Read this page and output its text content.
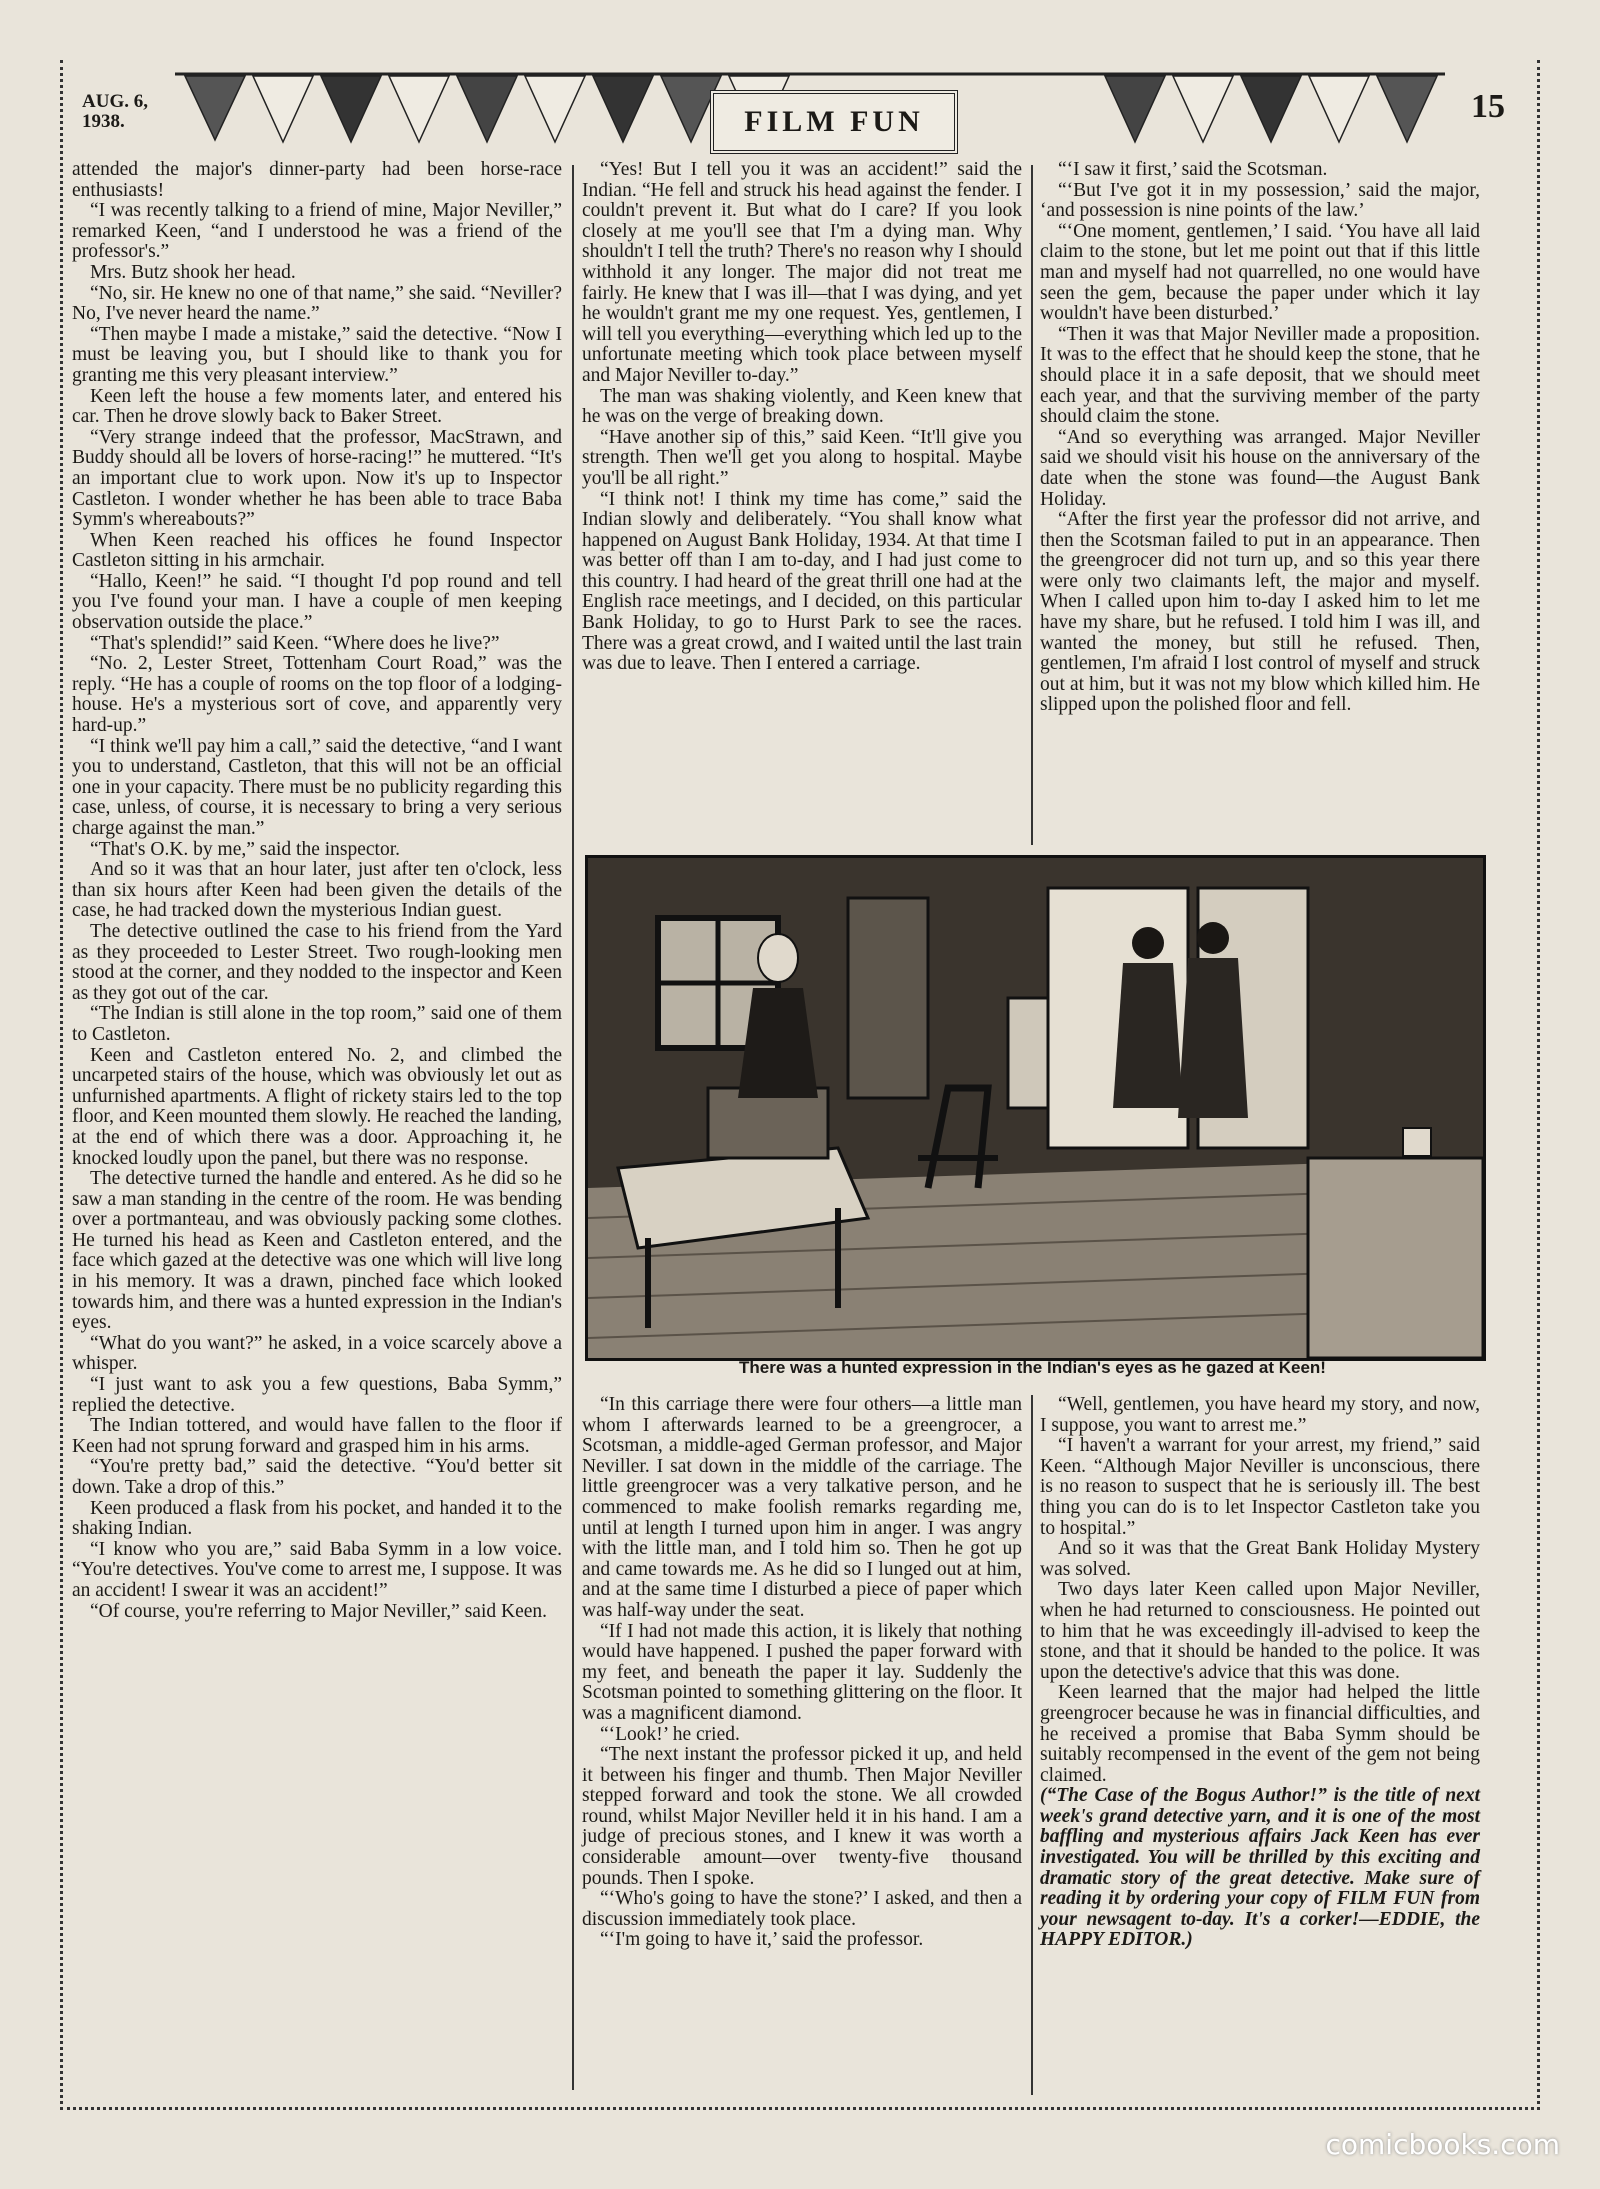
AUG. 6, 1938.	FILM FUN	15

attended the major's dinner-party had been horse-race enthusiasts!

“I was recently talking to a friend of mine, Major Neviller,” remarked Keen, “and I understood he was a friend of the professor's.”

Mrs. Butz shook her head.

“No, sir. He knew no one of that name,” she said. “Neviller? No, I've never heard the name.”

“Then maybe I made a mistake,” said the detective. “Now I must be leaving you, but I should like to thank you for granting me this very pleasant interview.”

Keen left the house a few moments later, and entered his car. Then he drove slowly back to Baker Street.

“Very strange indeed that the professor, MacStrawn, and Buddy should all be lovers of horse-racing!” he muttered. “It's an important clue to work upon. Now it's up to Inspector Castleton. I wonder whether he has been able to trace Baba Symm's whereabouts?”

When Keen reached his offices he found Inspector Castleton sitting in his armchair.

“Hallo, Keen!” he said. “I thought I'd pop round and tell you I've found your man. I have a couple of men keeping observation outside the place.”

“That's splendid!” said Keen. “Where does he live?”

“No. 2, Lester Street, Tottenham Court Road,” was the reply. “He has a couple of rooms on the top floor of a lodging-house. He's a mysterious sort of cove, and apparently very hard-up.”

“I think we'll pay him a call,” said the detective, “and I want you to understand, Castleton, that this will not be an official one in your capacity. There must be no publicity regarding this case, unless, of course, it is necessary to bring a very serious charge against the man.”

“That's O.K. by me,” said the inspector.

And so it was that an hour later, just after ten o'clock, less than six hours after Keen had been given the details of the case, he had tracked down the mysterious Indian guest.

The detective outlined the case to his friend from the Yard as they proceeded to Lester Street. Two rough-looking men stood at the corner, and they nodded to the inspector and Keen as they got out of the car.

“The Indian is still alone in the top room,” said one of them to Castleton.

Keen and Castleton entered No. 2, and climbed the uncarpeted stairs of the house, which was obviously let out as unfurnished apartments. A flight of rickety stairs led to the top floor, and Keen mounted them slowly. He reached the landing, at the end of which there was a door. Approaching it, he knocked loudly upon the panel, but there was no response.

The detective turned the handle and entered. As he did so he saw a man standing in the centre of the room. He was bending over a portmanteau, and was obviously packing some clothes. He turned his head as Keen and Castleton entered, and the face which gazed at the detective was one which will live long in his memory. It was a drawn, pinched face which looked towards him, and there was a hunted expression in the Indian's eyes.

“What do you want?” he asked, in a voice scarcely above a whisper.

“I just want to ask you a few questions, Baba Symm,” replied the detective.

The Indian tottered, and would have fallen to the floor if Keen had not sprung forward and grasped him in his arms.

“You're pretty bad,” said the detective. “You'd better sit down. Take a drop of this.”

Keen produced a flask from his pocket, and handed it to the shaking Indian.

“I know who you are,” said Baba Symm in a low voice. “You're detectives. You've come to arrest me, I suppose. It was an accident! I swear it was an accident!”

“Of course, you're referring to Major Neviller,” said Keen.

“Yes! But I tell you it was an accident!” said the Indian. “He fell and struck his head against the fender. I couldn't prevent it. But what do I care? If you look closely at me you'll see that I'm a dying man. Why shouldn't I tell the truth? There's no reason why I should withhold it any longer. The major did not treat me fairly. He knew that I was ill—that I was dying, and yet he wouldn't grant me my one request. Yes, gentlemen, I will tell you everything—everything which led up to the unfortunate meeting which took place between myself and Major Neviller to-day.”

The man was shaking violently, and Keen knew that he was on the verge of breaking down.

“Have another sip of this,” said Keen. “It'll give you strength. Then we'll get you along to hospital. Maybe you'll be all right.”

“I think not! I think my time has come,” said the Indian slowly and deliberately. “You shall know what happened on August Bank Holiday, 1934. At that time I was better off than I am to-day, and I had just come to this country. I had heard of the great thrill one had at the English race meetings, and I decided, on this particular Bank Holiday, to go to Hurst Park to see the races. There was a great crowd, and I waited until the last train was due to leave. Then I entered a carriage.

“‘I saw it first,’ said the Scotsman.

“‘But I've got it in my possession,’ said the major, ‘and possession is nine points of the law.’

“‘One moment, gentlemen,’ I said. ‘You have all laid claim to the stone, but let me point out that if this little man and myself had not quarrelled, no one would have seen the gem, because the paper under which it lay wouldn't have been disturbed.’

“Then it was that Major Neviller made a proposition. It was to the effect that he should keep the stone, that he should place it in a safe deposit, that we should meet each year, and that the surviving member of the party should claim the stone.

“And so everything was arranged. Major Neviller said we should visit his house on the anniversary of the date when the stone was found—the August Bank Holiday.

“After the first year the professor did not arrive, and then the Scotsman failed to put in an appearance. Then the greengrocer did not turn up, and so this year there were only two claimants left, the major and myself. When I called upon him to-day I asked him to let me have my share, but he refused. I told him I was ill, and wanted the money, but still he refused. Then, gentlemen, I'm afraid I lost control of myself and struck out at him, but it was not my blow which killed him. He slipped upon the polished floor and fell.

There was a hunted expression in the Indian's eyes as he gazed at Keen!

“In this carriage there were four others—a little man whom I afterwards learned to be a greengrocer, a Scotsman, a middle-aged German professor, and Major Neviller. I sat down in the middle of the carriage. The little greengrocer was a very talkative person, and he commenced to make foolish remarks regarding me, until at length I turned upon him in anger. I was angry with the little man, and I told him so. Then he got up and came towards me. As he did so I lunged out at him, and at the same time I disturbed a piece of paper which was half-way under the seat.

“If I had not made this action, it is likely that nothing would have happened. I pushed the paper forward with my feet, and beneath the paper it lay. Suddenly the Scotsman pointed to something glittering on the floor. It was a magnificent diamond.

“‘Look!’ he cried.

“The next instant the professor picked it up, and held it between his finger and thumb. Then Major Neviller stepped forward and took the stone. We all crowded round, whilst Major Neviller held it in his hand. I am a judge of precious stones, and I knew it was worth a considerable amount—over twenty-five thousand pounds. Then I spoke.

“‘Who's going to have the stone?’ I asked, and then a discussion immediately took place.

“‘I'm going to have it,’ said the professor.

“Well, gentlemen, you have heard my story, and now, I suppose, you want to arrest me.”

“I haven't a warrant for your arrest, my friend,” said Keen. “Although Major Neviller is unconscious, there is no reason to suspect that he is seriously ill. The best thing you can do is to let Inspector Castleton take you to hospital.”

And so it was that the Great Bank Holiday Mystery was solved.

Two days later Keen called upon Major Neviller, when he had returned to consciousness. He pointed out to him that he was exceedingly ill-advised to keep the stone, and that it should be handed to the police. It was upon the detective's advice that this was done.

Keen learned that the major had helped the little greengrocer because he was in financial difficulties, and he received a promise that Baba Symm should be suitably recompensed in the event of the gem not being claimed.

(“The Case of the Bogus Author!” is the title of next week's grand detective yarn, and it is one of the most baffling and mysterious affairs Jack Keen has ever investigated. You will be thrilled by this exciting and dramatic story of the great detective. Make sure of reading it by ordering your copy of FILM FUN from your newsagent to-day. It's a corker!—EDDIE, the HAPPY EDITOR.)

comicbooks.com
